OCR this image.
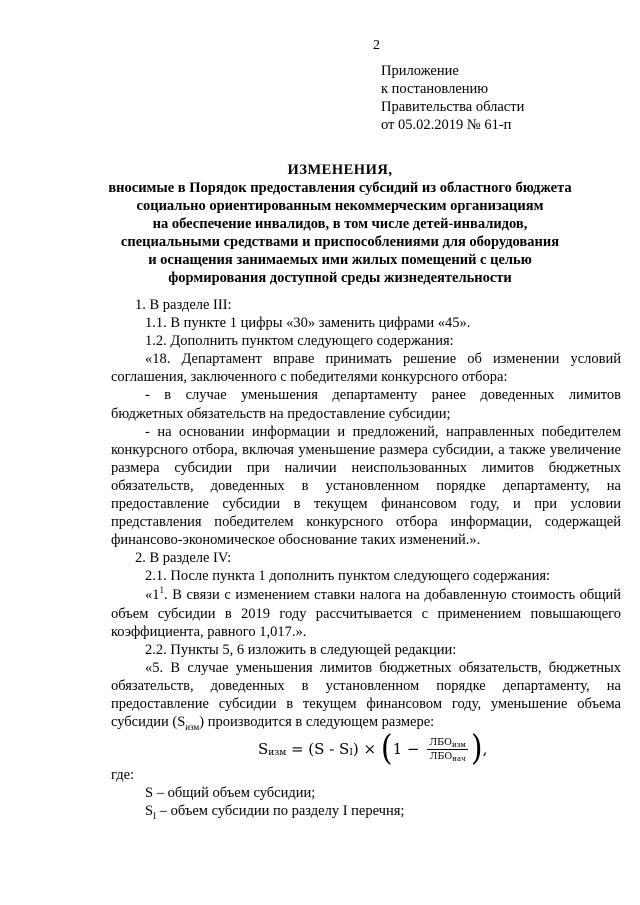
2
Приложение
к постановлению
Правительства области
от 05.02.2019 № 61-п
ИЗМЕНЕНИЯ,
вносимые в Порядок предоставления субсидий из областного бюджета
социально ориентированным некоммерческим организациям
на обеспечение инвалидов, в том числе детей-инвалидов,
специальными средствами и приспособлениями для оборудования
и оснащения занимаемых ими жилых помещений с целью
формирования доступной среды жизнедеятельности

1. В разделе III:

1.1. В пункте 1 цифры «30» заменить цифрами «45».

1.2. Дополнить пунктом следующего содержания:

«18. Департамент вправе принимать решение об изменении условий соглашения, заключенного с победителями конкурсного отбора:

- в случае уменьшения департаменту ранее доведенных лимитов бюджетных обязательств на предоставление субсидии;

- на основании информации и предложений, направленных победителем конкурсного отбора, включая уменьшение размера субсидии, а также увеличение размера субсидии при наличии неиспользованных лимитов бюджетных обязательств, доведенных в установленном порядке департаменту, на предоставление субсидии в текущем финансовом году, и при условии представления победителем конкурсного отбора информации, содержащей финансово-экономическое обоснование таких изменений.».

2. В разделе IV:

2.1. После пункта 1 дополнить пунктом следующего содержания:

«$1^1$. В связи с изменением ставки налога на добавленную стоимость общий объем субсидии в 2019 году рассчитывается с применением повышающего коэффициента, равного 1,017.».

2.2. Пункты 5, 6 изложить в следующей редакции:

«5. В случае уменьшения лимитов бюджетных обязательств, бюджетных обязательств, доведенных в установленном порядке департаменту, на предоставление субсидии в текущем финансовом году, уменьшение объема субсидии $(S_{изм})$ производится в следующем размере:

S изм = (S - S I ) × ( $1 - \frac{ЛБО_{изм}}{ЛБО_{нач}}$ ) ,

где:

S – общий объем субсидии;

$S_I$ – объем субсидии по разделу I перечня;
